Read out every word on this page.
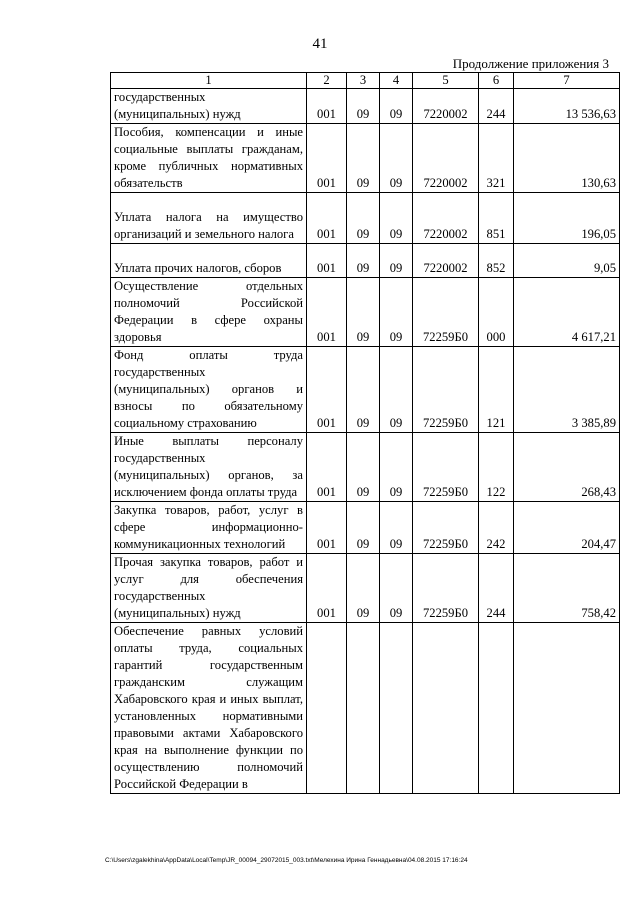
41
Продолжение приложения 3
1	2	3	4	5	6	7
государственных (муниципальных) нужд	001	09	09	7220002	244	13 536,63
Пособия, компенсации и иные социальные выплаты гражданам, кроме публичных нормативных обязательств	001	09	09	7220002	321	130,63
Уплата налога на имущество организаций и земельного налога	001	09	09	7220002	851	196,05
Уплата прочих налогов, сборов	001	09	09	7220002	852	9,05
Осуществление отдельных полномочий Российской Федерации в сфере охраны здоровья	001	09	09	72259Б0	000	4 617,21
Фонд оплаты труда государственных (муниципальных) органов и взносы по обязательному социальному страхованию	001	09	09	72259Б0	121	3 385,89
Иные выплаты персоналу государственных (муниципальных) органов, за исключением фонда оплаты труда	001	09	09	72259Б0	122	268,43
Закупка товаров, работ, услуг в сфере информационно-коммуникационных технологий	001	09	09	72259Б0	242	204,47
Прочая закупка товаров, работ и услуг для обеспечения государственных (муниципальных) нужд	001	09	09	72259Б0	244	758,42
Обеспечение равных условий оплаты труда, социальных гарантий государственным гражданским служащим Хабаровского края и иных выплат, установленных нормативными правовыми актами Хабаровского края на выполнение функции по осуществлению полномочий Российской Федерации в						
C:\Users\zgalekhina\AppData\Local\Temp\JR_00094_29072015_003.txt\Мелехина Ирина Геннадьевна\04.08.2015 17:16:24
